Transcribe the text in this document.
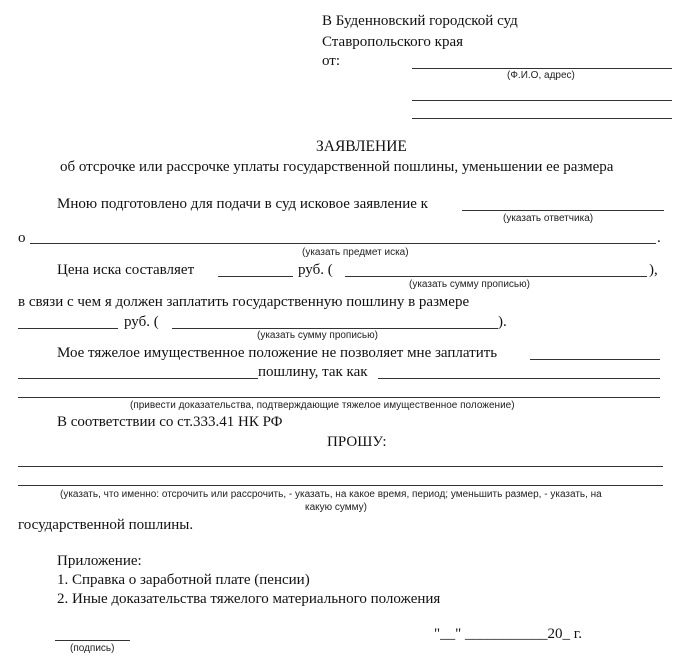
В Буденновский городской суд
Ставропольского края
от:
(Ф.И.О, адрес)
ЗАЯВЛЕНИЕ
об отсрочке или рассрочке уплаты государственной пошлины, уменьшении ее размера
Мною подготовлено для подачи в суд исковое заявление к
(указать ответчика)
о	.
(указать предмет иска)
Цена иска составляет	руб. (	),
(указать сумму прописью)
в связи с чем я должен заплатить государственную пошлину в размере
руб. (	).
(указать сумму прописью)
Мое тяжелое имущественное положение не позволяет мне заплатить
пошлину, так как
(привести доказательства, подтверждающие тяжелое имущественное положение)
В соответствии со ст.333.41 НК РФ
ПРОШУ:
(указать, что именно: отсрочить или рассрочить, - указать, на какое время, период; уменьшить размер, - указать, на
какую сумму)
государственной пошлины.
Приложение:
1. Справка о заработной плате (пенсии)
2. Иные доказательства тяжелого материального положения
(подпись)
"__" ___________20_ г.
